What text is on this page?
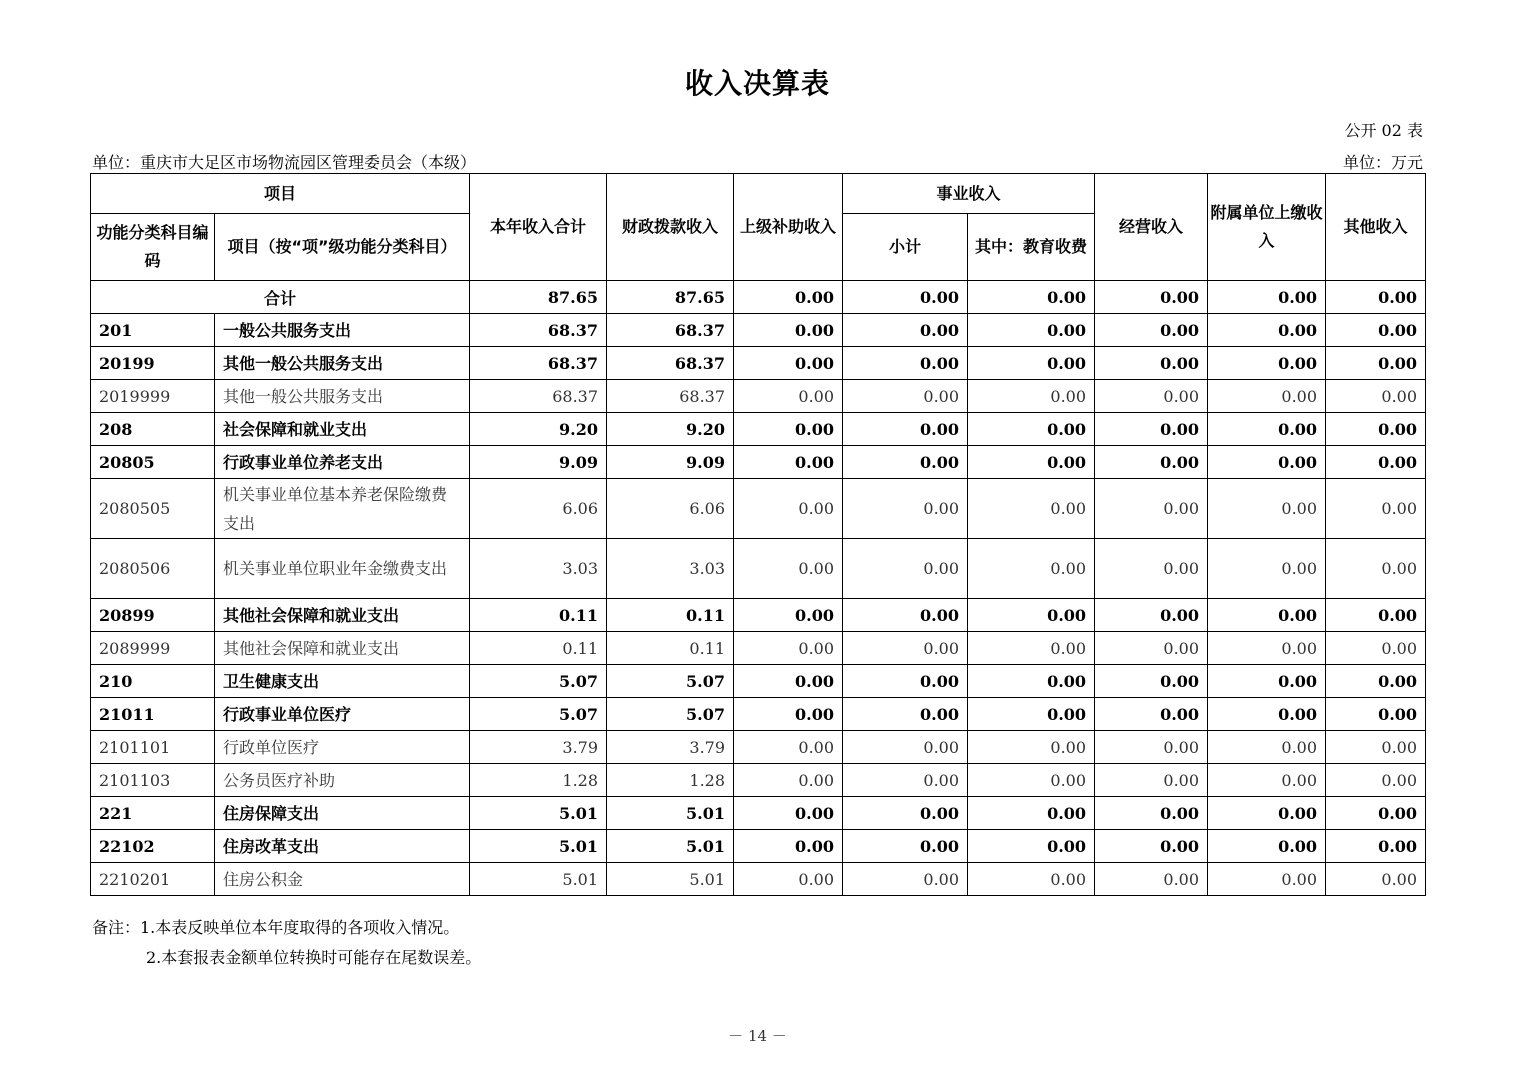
收入决算表
公开 02 表
单位：重庆市大足区市场物流园区管理委员会（本级）	单位：万元
项目		本年收入合计	财政拨款收入	上级补助收入	事业收入		经营收入	附属单位上缴收入	其他收入
功能分类科目编码	项目（按“项”级功能分类科目）				小计	其中：教育收费			
合计		87.65	87.65	0.00	0.00	0.00	0.00	0.00	0.00
201	一般公共服务支出	68.37	68.37	0.00	0.00	0.00	0.00	0.00	0.00
20199	其他一般公共服务支出	68.37	68.37	0.00	0.00	0.00	0.00	0.00	0.00
2019999	其他一般公共服务支出	68.37	68.37	0.00	0.00	0.00	0.00	0.00	0.00
208	社会保障和就业支出	9.20	9.20	0.00	0.00	0.00	0.00	0.00	0.00
20805	行政事业单位养老支出	9.09	9.09	0.00	0.00	0.00	0.00	0.00	0.00
2080505	机关事业单位基本养老保险缴费支出	6.06	6.06	0.00	0.00	0.00	0.00	0.00	0.00
2080506	机关事业单位职业年金缴费支出	3.03	3.03	0.00	0.00	0.00	0.00	0.00	0.00
20899	其他社会保障和就业支出	0.11	0.11	0.00	0.00	0.00	0.00	0.00	0.00
2089999	其他社会保障和就业支出	0.11	0.11	0.00	0.00	0.00	0.00	0.00	0.00
210	卫生健康支出	5.07	5.07	0.00	0.00	0.00	0.00	0.00	0.00
21011	行政事业单位医疗	5.07	5.07	0.00	0.00	0.00	0.00	0.00	0.00
2101101	行政单位医疗	3.79	3.79	0.00	0.00	0.00	0.00	0.00	0.00
2101103	公务员医疗补助	1.28	1.28	0.00	0.00	0.00	0.00	0.00	0.00
221	住房保障支出	5.01	5.01	0.00	0.00	0.00	0.00	0.00	0.00
22102	住房改革支出	5.01	5.01	0.00	0.00	0.00	0.00	0.00	0.00
2210201	住房公积金	5.01	5.01	0.00	0.00	0.00	0.00	0.00	0.00
备注：1.本表反映单位本年度取得的各项收入情况。
2.本套报表金额单位转换时可能存在尾数误差。
－ 14 －
